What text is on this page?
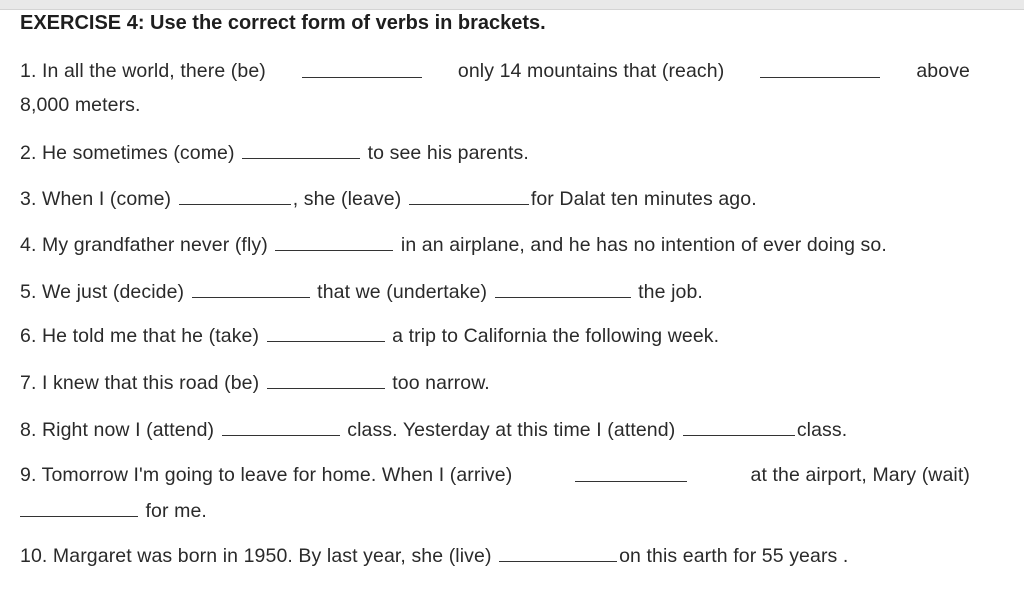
EXERCISE 4: Use the correct form of verbs in brackets.
1. In all the world, there (be)	only 14 mountains that (reach)	above
8,000 meters.
2. He sometimes (come)	to see his parents.
3. When I (come)	, she (leave)	for Dalat ten minutes ago.
4. My grandfather never (fly)	in an airplane, and he has no intention of ever doing so.
5. We just (decide)	that we (undertake)	the job.
6. He told me that he (take)	a trip to California the following week.
7. I knew that this road (be)	too narrow.
8. Right now I (attend)	class. Yesterday at this time I (attend)	class.
9. Tomorrow I'm going to leave for home. When I (arrive)	at the airport, Mary (wait)
for me.
10. Margaret was born in 1950. By last year, she (live)	on this earth for 55 years .
